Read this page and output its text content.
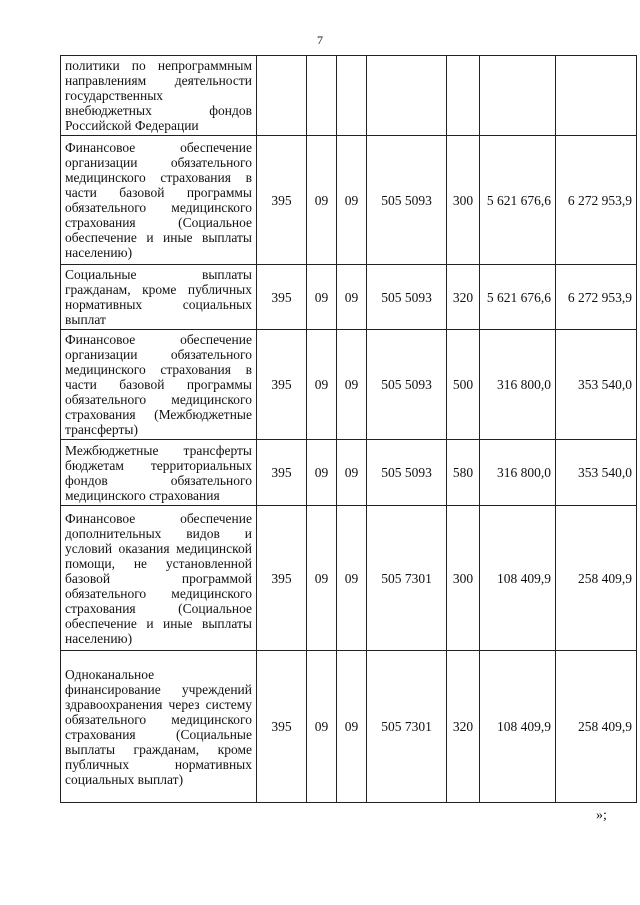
7
политики по непрограммным направлениям деятельности государственных внебюджетных фондов Российской Федерации							
Финансовое обеспечение организации обязательного медицинского страхования в части базовой программы обязательного медицинского страхования (Социальное обеспечение и иные выплаты населению)	395	09	09	505 5093	300	5 621 676,6	6 272 953,9
Социальные выплаты гражданам, кроме публичных нормативных социальных выплат	395	09	09	505 5093	320	5 621 676,6	6 272 953,9
Финансовое обеспечение организации обязательного медицинского страхования в части базовой программы обязательного медицинского страхования (Межбюджетные трансферты)	395	09	09	505 5093	500	316 800,0	353 540,0
Межбюджетные трансферты бюджетам территориальных фондов обязательного медицинского страхования	395	09	09	505 5093	580	316 800,0	353 540,0
Финансовое обеспечение дополнительных видов и условий оказания медицинской помощи, не установленной базовой программой обязательного медицинского страхования (Социальное обеспечение и иные выплаты населению)	395	09	09	505 7301	300	108 409,9	258 409,9
Одноканальное финансирование учреждений здравоохранения через систему обязательного медицинского страхования (Социальные выплаты гражданам, кроме публичных нормативных социальных выплат)	395	09	09	505 7301	320	108 409,9	258 409,9
»;
